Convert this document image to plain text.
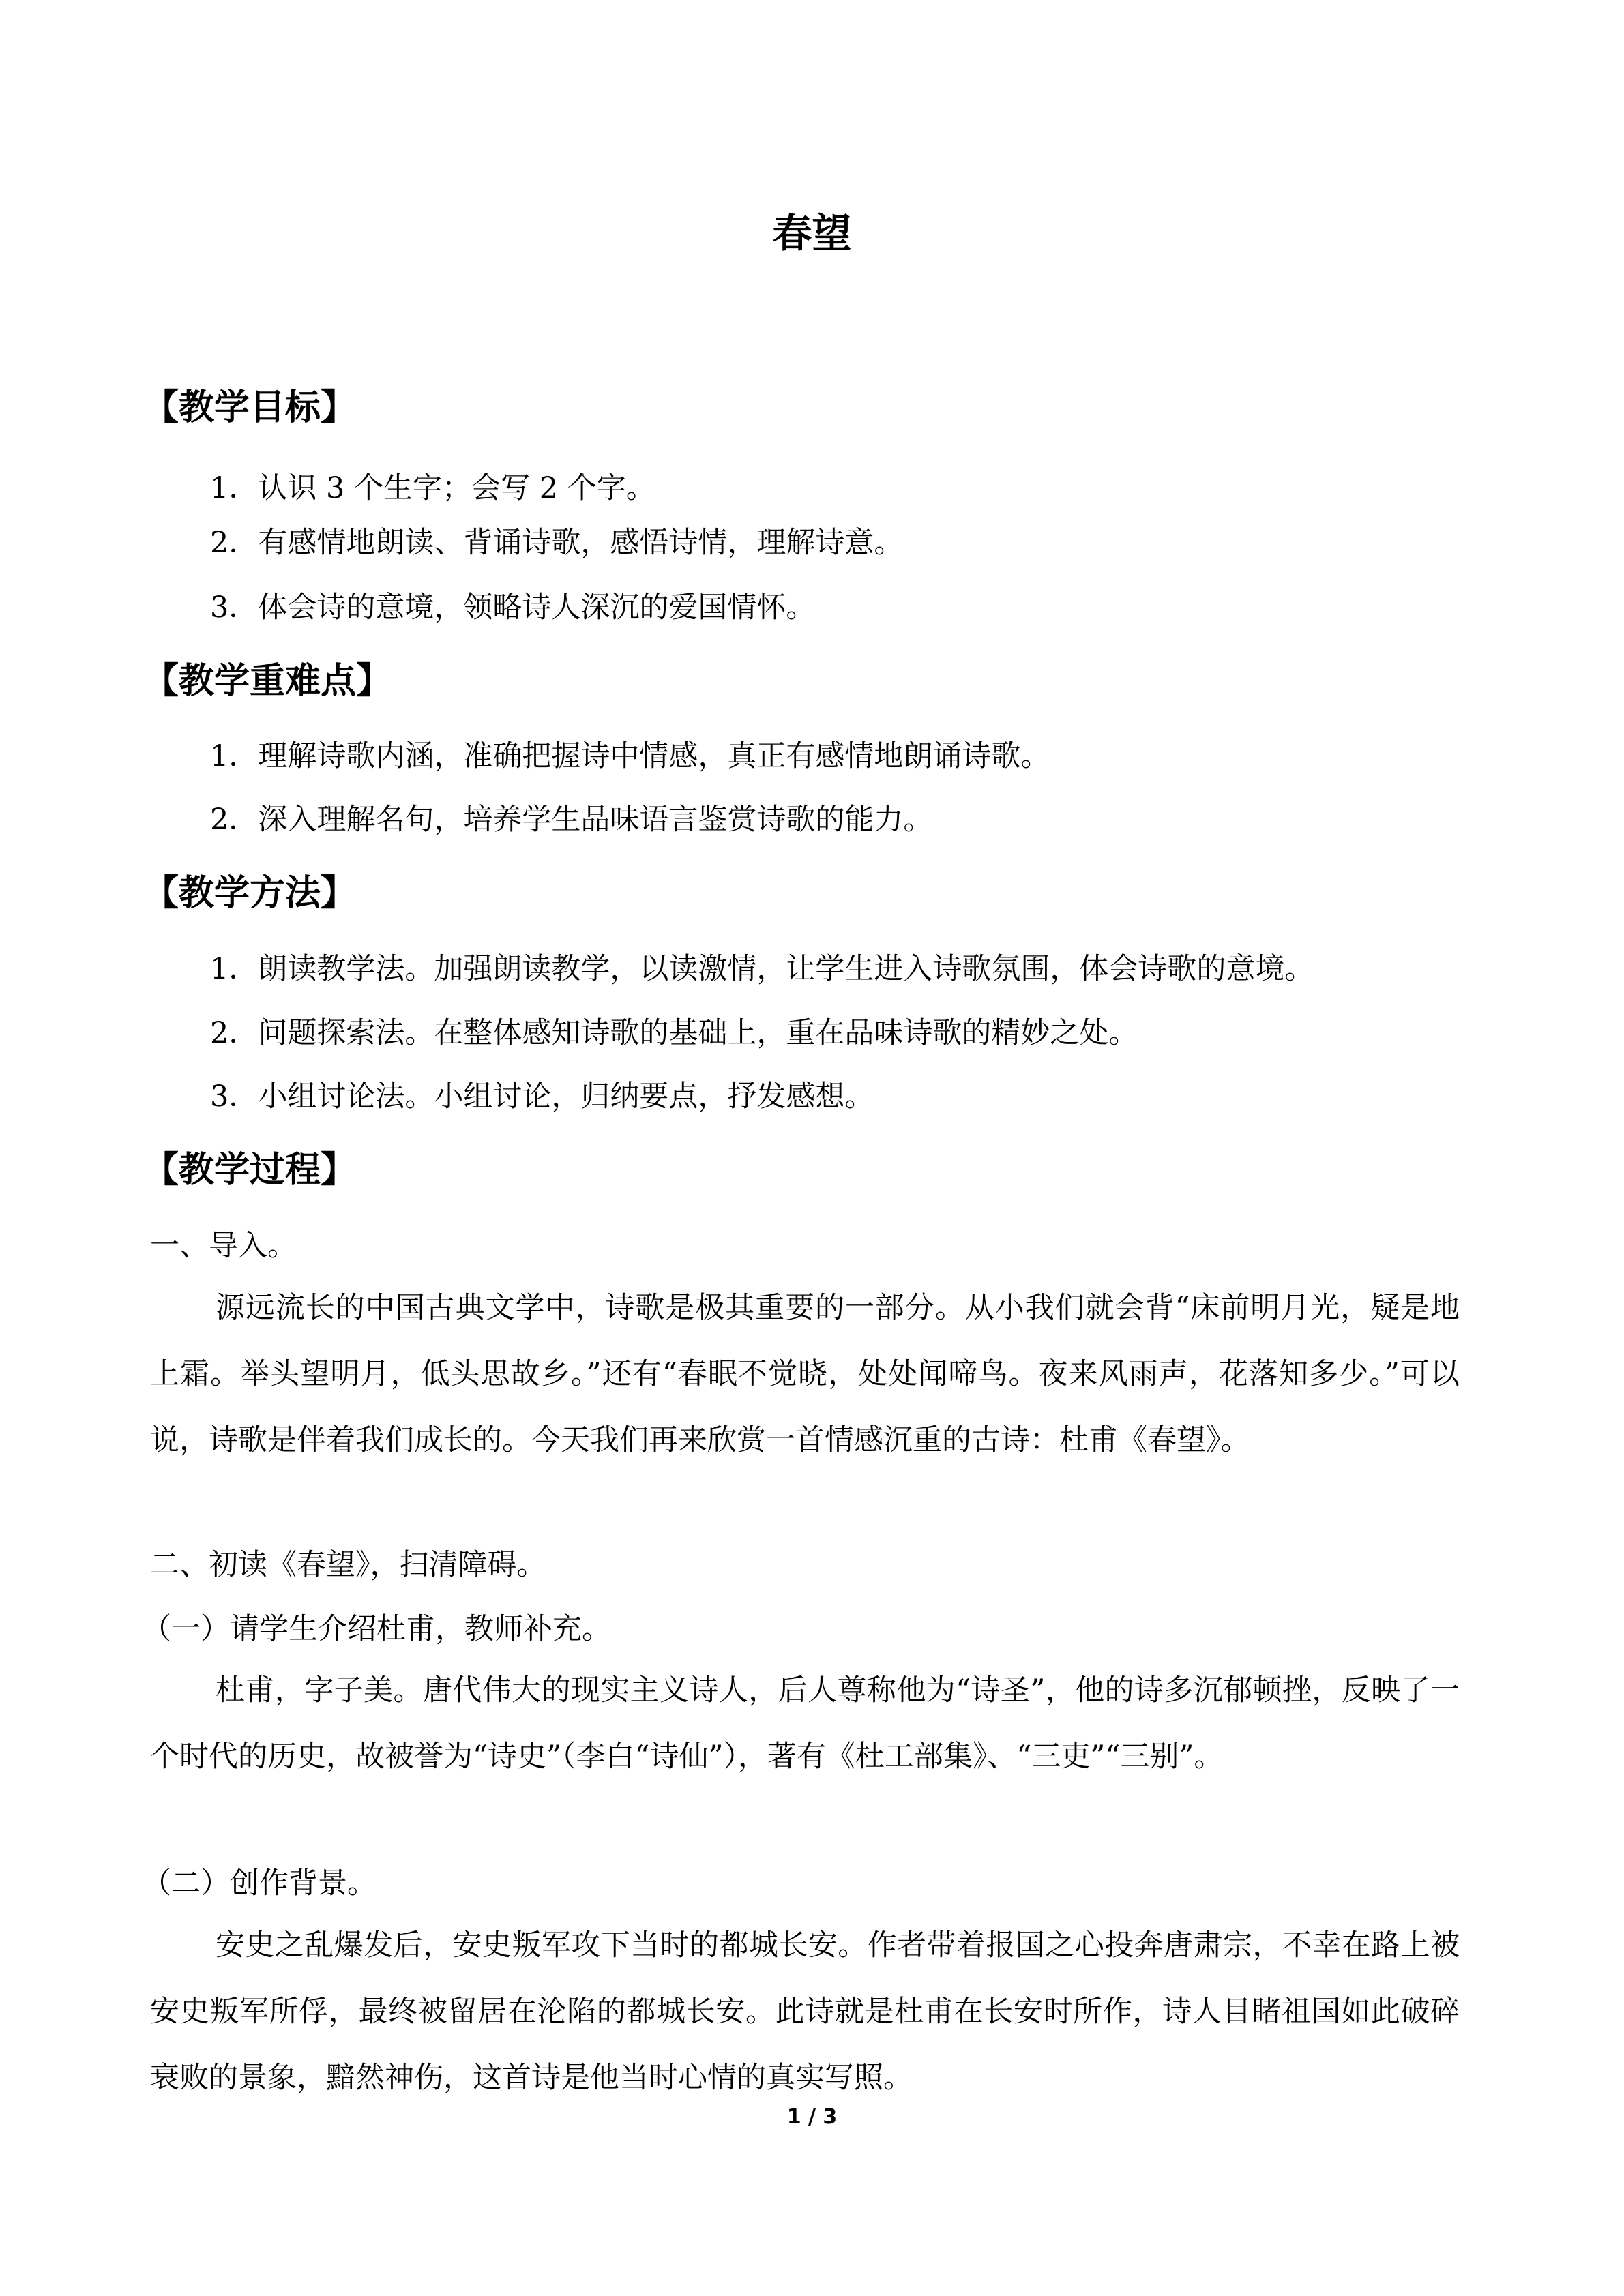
春望
【教学目标】

1．认识 3 个生字；会写 2 个字。

2．有感情地朗读、背诵诗歌，感悟诗情，理解诗意。

3．体会诗的意境，领略诗人深沉的爱国情怀。

【教学重难点】

1．理解诗歌内涵，准确把握诗中情感，真正有感情地朗诵诗歌。

2．深入理解名句，培养学生品味语言鉴赏诗歌的能力。

【教学方法】

1．朗读教学法。加强朗读教学，以读激情，让学生进入诗歌氛围，体会诗歌的意境。

2．问题探索法。在整体感知诗歌的基础上，重在品味诗歌的精妙之处。

3．小组讨论法。小组讨论，归纳要点，抒发感想。

【教学过程】

一、导入。

源远流长的中国古典文学中，诗歌是极其重要的一部分。从小我们就会背“床前明月光，疑是地上霜。举头望明月，低头思故乡。”还有“春眠不觉晓，处处闻啼鸟。夜来风雨声，花落知多少。”可以说，诗歌是伴着我们成长的。今天我们再来欣赏一首情感沉重的古诗：杜甫《春望》。

二、初读《春望》，扫清障碍。

（一）请学生介绍杜甫，教师补充。

杜甫，字子美。唐代伟大的现实主义诗人，后人尊称他为“诗圣”，他的诗多沉郁顿挫，反映了一个时代的历史，故被誉为“诗史”（李白“诗仙”），著有《杜工部集》、“三吏”“三别”。

（二）创作背景。

安史之乱爆发后，安史叛军攻下当时的都城长安。作者带着报国之心投奔唐肃宗，不幸在路上被安史叛军所俘，最终被留居在沦陷的都城长安。此诗就是杜甫在长安时所作，诗人目睹祖国如此破碎衰败的景象，黯然神伤，这首诗是他当时心情的真实写照。

1 / 3
